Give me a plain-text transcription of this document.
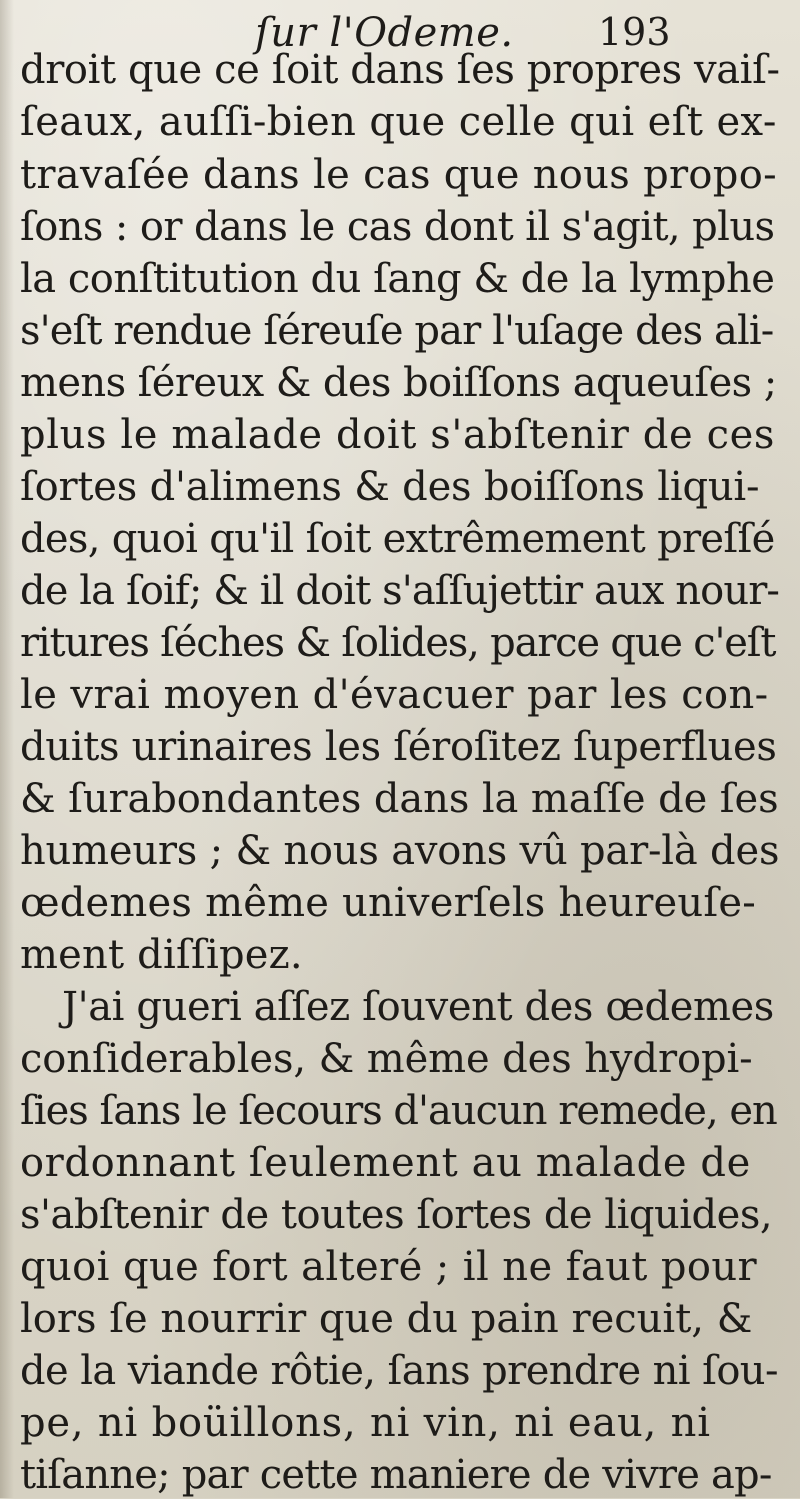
ſur l'Odeme. 193
droit que ce ſoit dans ſes propres vaiſ-
ſeaux, auſſi-bien que celle qui eſt ex-
travaſée dans le cas que nous propo-
ſons : or dans le cas dont il s'agit, plus
la conſtitution du ſang & de la lymphe
s'eſt rendue ſéreuſe par l'uſage des ali-
mens ſéreux & des boiſſons aqueuſes ;
plus le malade doit s'abſtenir de ces
ſortes d'alimens & des boiſſons liqui-
des, quoi qu'il ſoit extrêmement preſſé
de la ſoif; & il doit s'aſſujettir aux nour-
ritures ſéches & ſolides, parce que c'eſt
le vrai moyen d'évacuer par les con-
duits urinaires les ſéroſitez ſuperflues
& ſurabondantes dans la maſſe de ſes
humeurs ; & nous avons vû par-là des
œdemes même univerſels heureuſe-
ment diſſipez.
J'ai gueri aſſez ſouvent des œdemes
conſiderables, & même des hydropi-
ſies ſans le ſecours d'aucun remede, en
ordonnant ſeulement au malade de
s'abſtenir de toutes ſortes de liquides,
quoi que fort alteré ; il ne faut pour
lors ſe nourrir que du pain recuit, &
de la viande rôtie, ſans prendre ni ſou-
pe, ni boüillons, ni vin, ni eau, ni
tiſanne; par cette maniere de vivre ap-
